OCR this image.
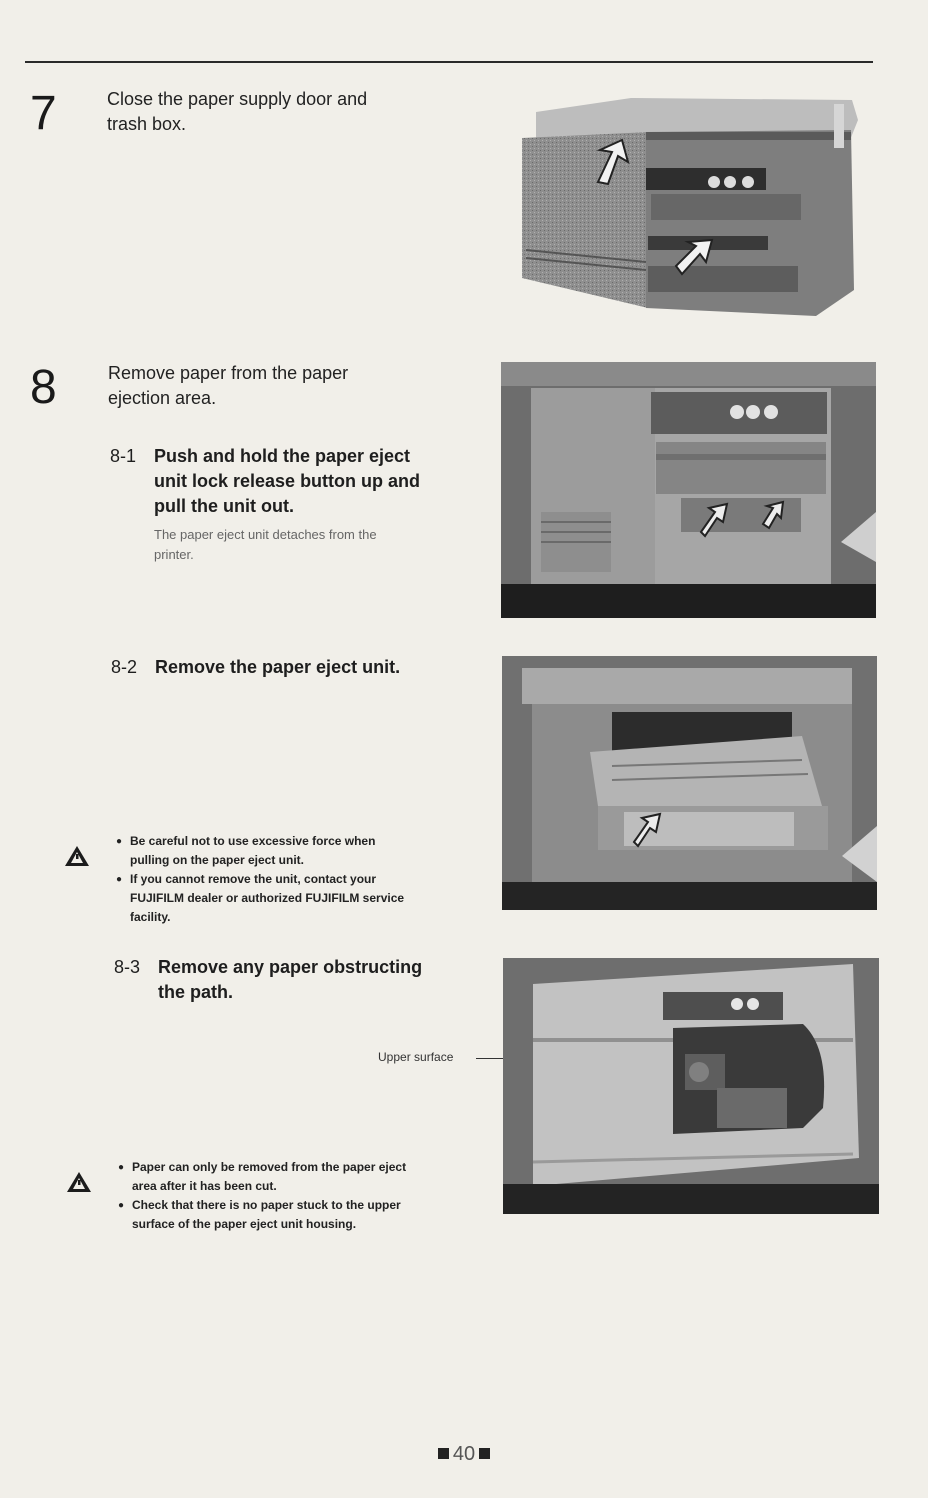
7	Close the paper supply door and
trash box.
8	Remove paper from the paper
ejection area.
8-1 Push and hold the paper eject
unit lock release button up and
pull the unit out.
The paper eject unit detaches from the
printer.
8-2 Remove the paper eject unit.
● Be careful not to use excessive force when
pulling on the paper eject unit.
● If you cannot remove the unit, contact your
FUJIFILM dealer or authorized FUJIFILM service
facility.
8-3 Remove any paper obstructing
the path.
Upper surface
● Paper can only be removed from the paper eject
area after it has been cut.
● Check that there is no paper stuck to the upper
surface of the paper eject unit housing.
40
